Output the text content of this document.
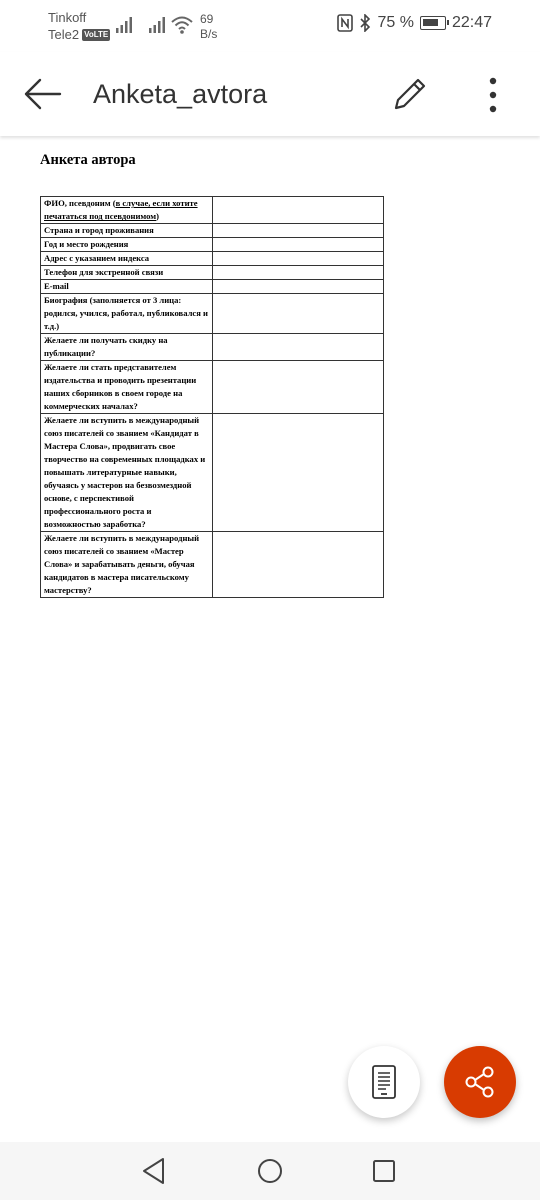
Tinkoff
Tele2 VoLTE
69
B/s
75 % 22:47
Anketa_avtora
Анкета автора
ФИО, псевдоним (в случае, если хотите печататься под псевдонимом)	
Страна и город проживания	
Год и место рождения	
Адрес с указанием индекса	
Телефон для экстренной связи	
E-mail	
Биография (заполняется от 3 лица: родился, учился, работал, публиковался и т.д.)	
Желаете ли получать скидку на публикации?	
Желаете ли стать представителем издательства и проводить презентации наших сборников в своем городе на коммерческих началах?	
Желаете ли вступить в международный союз писателей со званием «Кандидат в Мастера Слова», продвигать свое творчество на современных площадках и повышать литературные навыки, обучаясь у мастеров на безвозмездной основе, с перспективой профессионального роста и возможностью заработка?	
Желаете ли вступить в международный союз писателей со званием «Мастер Слова» и зарабатывать деньги, обучая кандидатов в мастера писательскому мастерству?	
